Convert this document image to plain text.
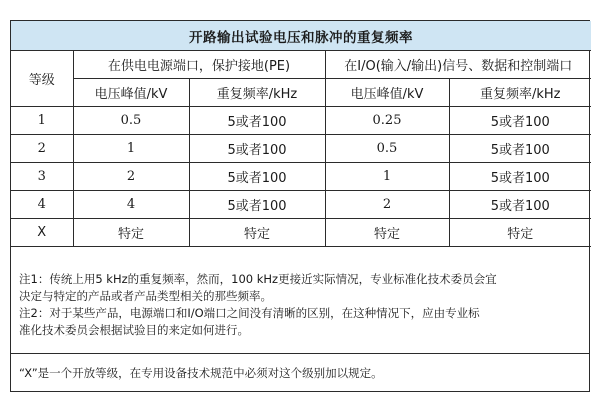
开路输出试验电压和脉冲的重复频率				
等级	在供电电源端口，保护接地(PE)		在I/O(输入/输出)信号、数据和控制端口	
	电压峰值/kV	重复频率/kHz	电压峰值/kV	重复频率/kHz
1	0.5	5或者100	0.25	5或者100
2	1	5或者100	0.5	5或者100
3	2	5或者100	1	5或者100
4	4	5或者100	2	5或者100
X	特定	特定	特定	特定
注1：传统上用5 kHz的重复频率，然而，100 kHz更接近实际情况，专业标准化技术委员会宜
决定与特定的产品或者产品类型相关的那些频率。
注2：对于某些产品，电源端口和I/O端口之间没有清晰的区别，在这种情况下，应由专业标
准化技术委员会根据试验目的来定如何进行。
“X”是一个开放等级，在专用设备技术规范中必须对这个级别加以规定。
